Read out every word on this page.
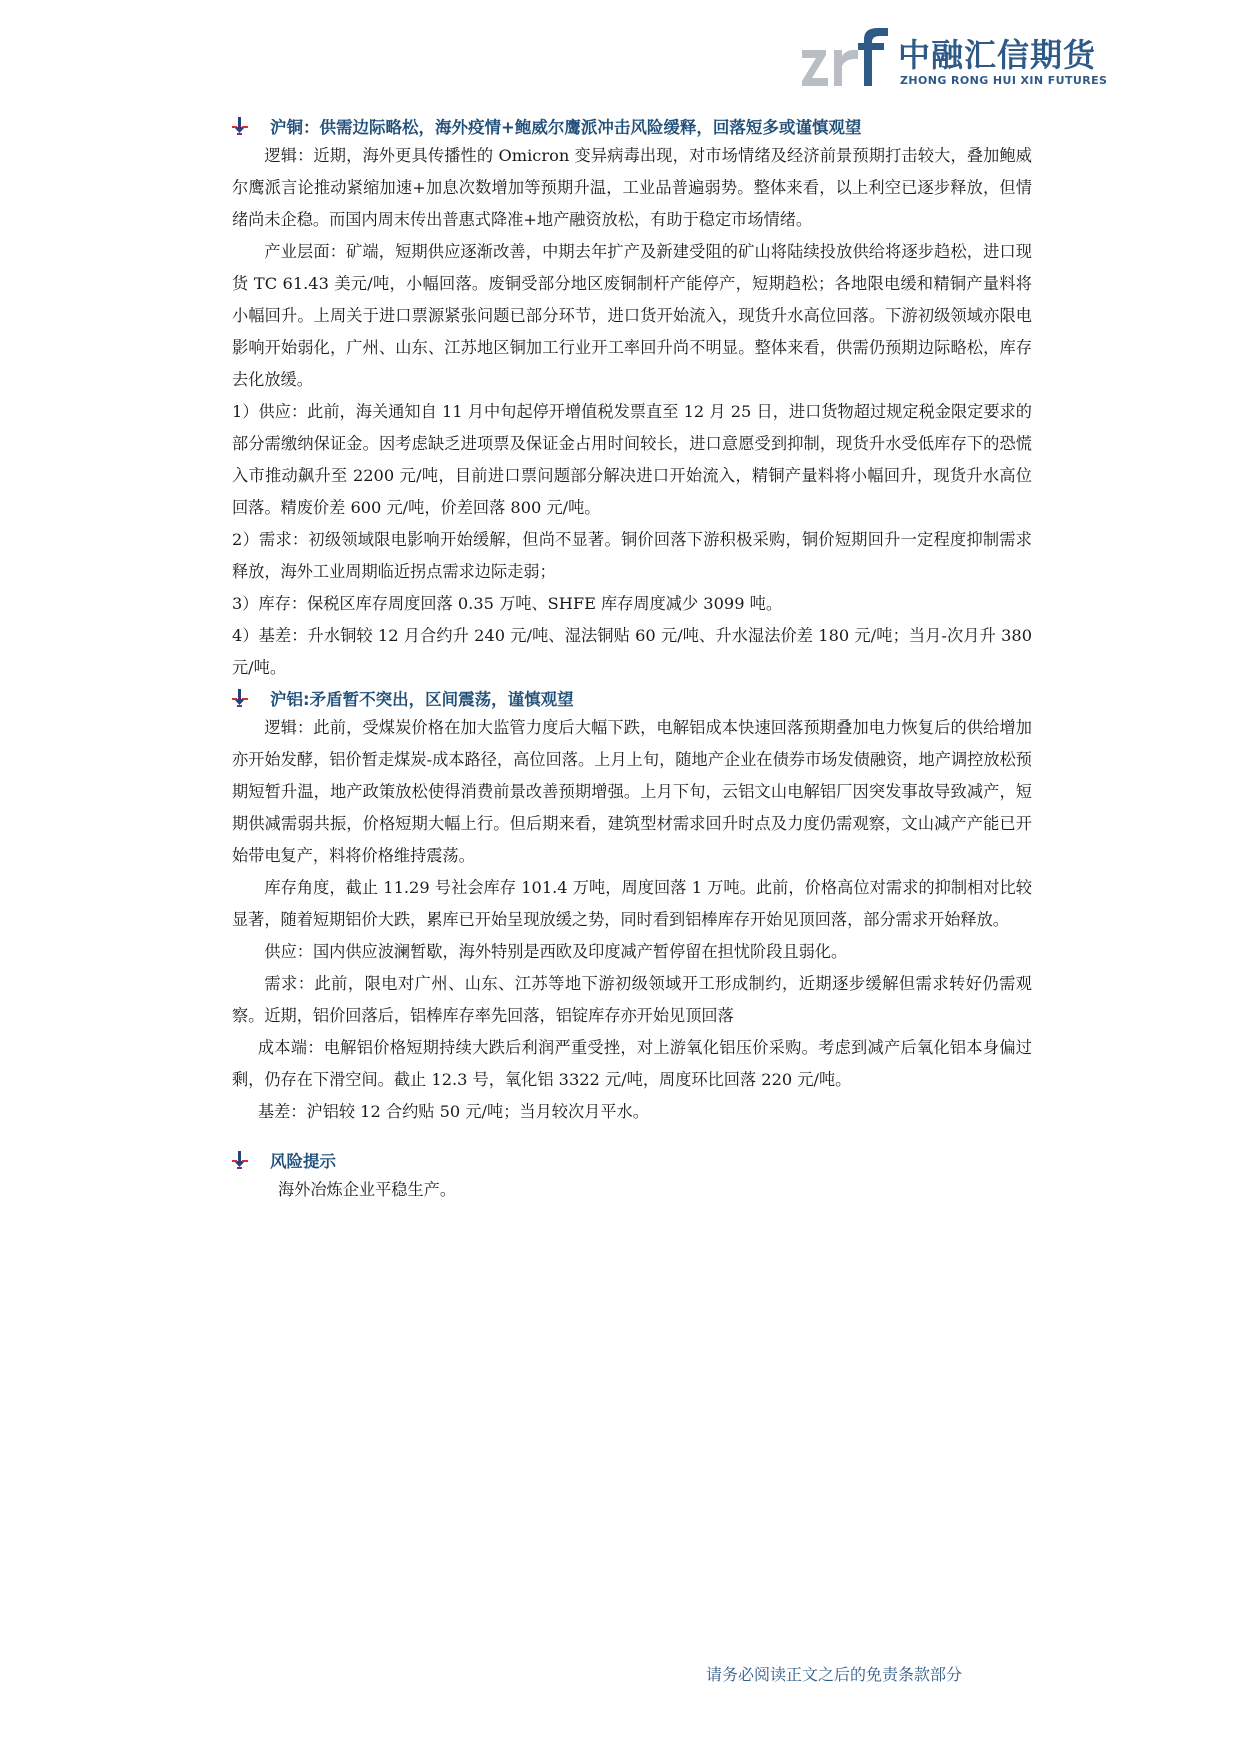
中融汇信期货
ZHONG RONG HUI XIN FUTURES
沪铜：供需边际略松，海外疫情+鲍威尔鹰派冲击风险缓释，回落短多或谨慎观望

逻辑：近期，海外更具传播性的 Omicron 变异病毒出现，对市场情绪及经济前景预期打击较大，叠加鲍威尔鹰派言论推动紧缩加速+加息次数增加等预期升温，工业品普遍弱势。整体来看，以上利空已逐步释放，但情绪尚未企稳。而国内周末传出普惠式降准+地产融资放松，有助于稳定市场情绪。

产业层面：矿端，短期供应逐渐改善，中期去年扩产及新建受阻的矿山将陆续投放供给将逐步趋松，进口现货 TC 61.43 美元/吨，小幅回落。废铜受部分地区废铜制杆产能停产，短期趋松；各地限电缓和精铜产量料将小幅回升。上周关于进口票源紧张问题已部分环节，进口货开始流入，现货升水高位回落。下游初级领域亦限电影响开始弱化，广州、山东、江苏地区铜加工行业开工率回升尚不明显。整体来看，供需仍预期边际略松，库存去化放缓。

1）供应：此前，海关通知自 11 月中旬起停开增值税发票直至 12 月 25 日，进口货物超过规定税金限定要求的部分需缴纳保证金。因考虑缺乏进项票及保证金占用时间较长，进口意愿受到抑制，现货升水受低库存下的恐慌入市推动飙升至 2200 元/吨，目前进口票问题部分解决进口开始流入，精铜产量料将小幅回升，现货升水高位回落。精废价差 600 元/吨，价差回落 800 元/吨。

2）需求：初级领域限电影响开始缓解，但尚不显著。铜价回落下游积极采购，铜价短期回升一定程度抑制需求释放，海外工业周期临近拐点需求边际走弱；

3）库存：保税区库存周度回落 0.35 万吨、SHFE 库存周度减少 3099 吨。

4）基差：升水铜较 12 月合约升 240 元/吨、湿法铜贴 60 元/吨、升水湿法价差 180 元/吨；当月-次月升 380 元/吨。

沪铝:矛盾暂不突出，区间震荡，谨慎观望

逻辑：此前，受煤炭价格在加大监管力度后大幅下跌，电解铝成本快速回落预期叠加电力恢复后的供给增加亦开始发酵，铝价暂走煤炭-成本路径，高位回落。上月上旬，随地产企业在债券市场发债融资，地产调控放松预期短暂升温，地产政策放松使得消费前景改善预期增强。上月下旬，云铝文山电解铝厂因突发事故导致减产，短期供减需弱共振，价格短期大幅上行。但后期来看，建筑型材需求回升时点及力度仍需观察，文山减产产能已开始带电复产，料将价格维持震荡。

库存角度，截止 11.29 号社会库存 101.4 万吨，周度回落 1 万吨。此前，价格高位对需求的抑制相对比较显著，随着短期铝价大跌，累库已开始呈现放缓之势，同时看到铝棒库存开始见顶回落，部分需求开始释放。

供应：国内供应波澜暂歇，海外特别是西欧及印度减产暂停留在担忧阶段且弱化。

需求：此前，限电对广州、山东、江苏等地下游初级领域开工形成制约，近期逐步缓解但需求转好仍需观察。近期，铝价回落后，铝棒库存率先回落，铝锭库存亦开始见顶回落

成本端：电解铝价格短期持续大跌后利润严重受挫，对上游氧化铝压价采购。考虑到减产后氧化铝本身偏过剩，仍存在下滑空间。截止 12.3 号，氧化铝 3322 元/吨，周度环比回落 220 元/吨。

基差：沪铝较 12 合约贴 50 元/吨；当月较次月平水。

风险提示
海外冶炼企业平稳生产。
请务必阅读正文之后的免责条款部分
